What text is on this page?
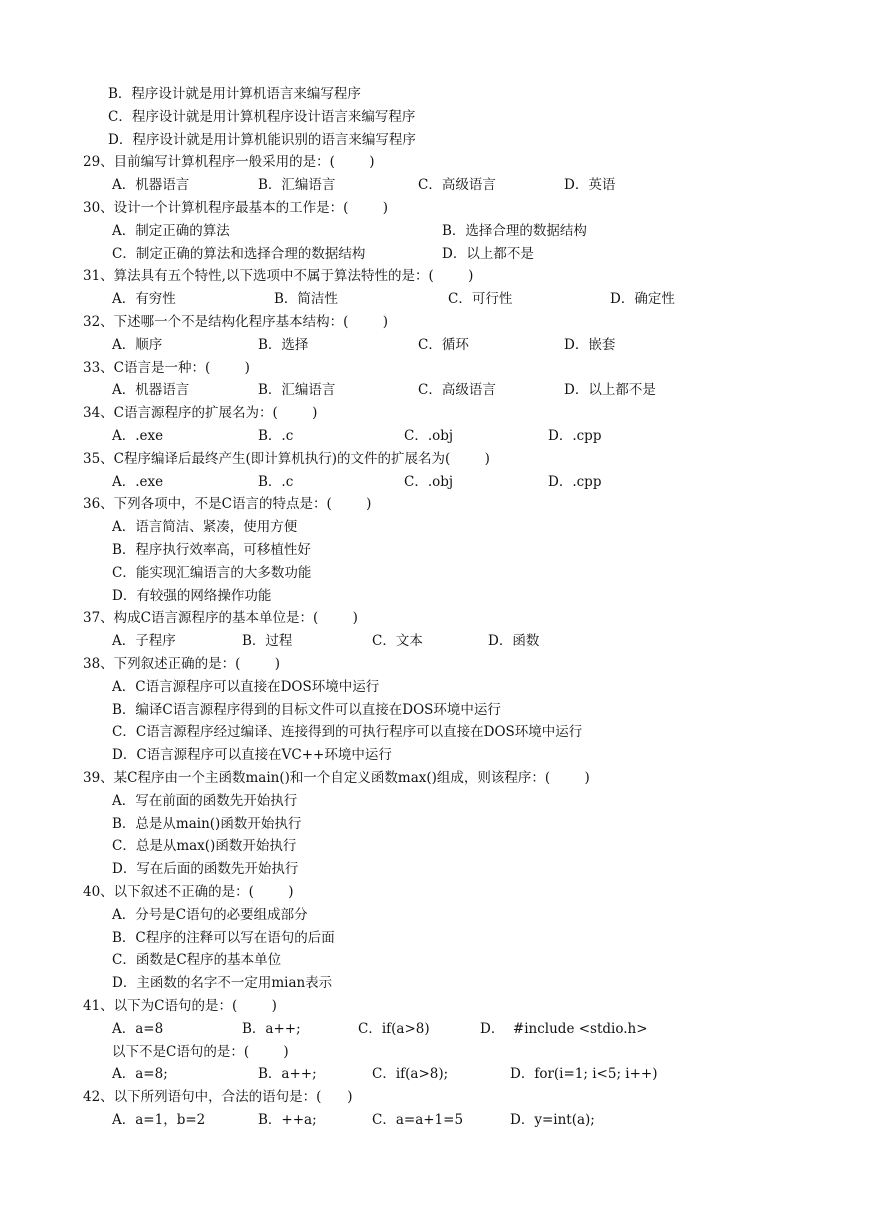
B．程序设计就是用计算机语言来编写程序
C．程序设计就是用计算机程序设计语言来编写程序
D．程序设计就是用计算机能识别的语言来编写程序
29、目前编写计算机程序一般采用的是：(        )
A．机器语言	B．汇编语言	C．高级语言	D．英语
30、设计一个计算机程序最基本的工作是：(        )
A．制定正确的算法	B．选择合理的数据结构
C．制定正确的算法和选择合理的数据结构	D．以上都不是
31、算法具有五个特性,以下选项中不属于算法特性的是：(        )
A．有穷性	B．简洁性	C．可行性	D．确定性
32、下述哪一个不是结构化程序基本结构：(        )
A．顺序	B．选择	C．循环	D．嵌套
33、C语言是一种：(        )
A．机器语言	B．汇编语言	C．高级语言	D．以上都不是
34、C语言源程序的扩展名为：(        )
A．.exe	B．.c	C．.obj	D．.cpp
35、C程序编译后最终产生(即计算机执行)的文件的扩展名为(        )
A．.exe	B．.c	C．.obj	D．.cpp
36、下列各项中，不是C语言的特点是：(        )
A．语言简洁、紧凑，使用方便
B．程序执行效率高，可移植性好
C．能实现汇编语言的大多数功能
D．有较强的网络操作功能
37、构成C语言源程序的基本单位是：(        )
A．子程序	B．过程	C．文本	D．函数
38、下列叙述正确的是：(        )
A．C语言源程序可以直接在DOS环境中运行
B．编译C语言源程序得到的目标文件可以直接在DOS环境中运行
C．C语言源程序经过编译、连接得到的可执行程序可以直接在DOS环境中运行
D．C语言源程序可以直接在VC++环境中运行
39、某C程序由一个主函数main()和一个自定义函数max()组成，则该程序：(        )
A．写在前面的函数先开始执行
B．总是从main()函数开始执行
C．总是从max()函数开始执行
D．写在后面的函数先开始执行
40、以下叙述不正确的是：(        )
A．分号是C语句的必要组成部分
B．C程序的注释可以写在语句的后面
C．函数是C程序的基本单位
D．主函数的名字不一定用mian表示
41、以下为C语句的是：(        )
A．a=8	B．a++;	C．if(a>8)	D．  #include <stdio.h>
以下不是C语句的是：(        )
A．a=8;	B．a++;	C．if(a>8);	D．for(i=1; i<5; i++)
42、以下所列语句中，合法的语句是：(      )
A．a=1，b=2	B．++a;	C．a=a+1=5	D．y=int(a);
